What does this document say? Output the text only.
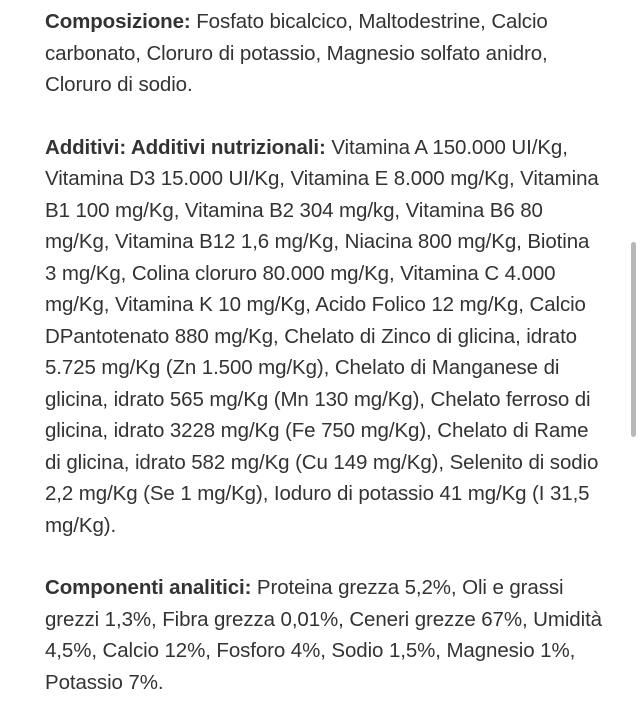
Composizione: Fosfato bicalcico, Maltodestrine, Calcio carbonato, Cloruro di potassio, Magnesio solfato anidro, Cloruro di sodio.

Additivi: Additivi nutrizionali: Vitamina A 150.000 UI/Kg, Vitamina D3 15.000 UI/Kg, Vitamina E 8.000 mg/Kg, Vitamina B1 100 mg/Kg, Vitamina B2 304 mg/kg, Vitamina B6 80 mg/Kg, Vitamina B12 1,6 mg/Kg, Niacina 800 mg/Kg, Biotina 3 mg/Kg, Colina cloruro 80.000 mg/Kg, Vitamina C 4.000 mg/Kg, Vitamina K 10 mg/Kg, Acido Folico 12 mg/Kg, Calcio DPantotenato 880 mg/Kg, Chelato di Zinco di glicina, idrato 5.725 mg/Kg (Zn 1.500 mg/Kg), Chelato di Manganese di glicina, idrato 565 mg/Kg (Mn 130 mg/Kg), Chelato ferroso di glicina, idrato 3228 mg/Kg (Fe 750 mg/Kg), Chelato di Rame di glicina, idrato 582 mg/Kg (Cu 149 mg/Kg), Selenito di sodio 2,2 mg/Kg (Se 1 mg/Kg), Ioduro di potassio 41 mg/Kg (I 31,5 mg/Kg).

Componenti analitici: Proteina grezza 5,2%, Oli e grassi grezzi 1,3%, Fibra grezza 0,01%, Ceneri grezze 67%, Umidità 4,5%, Calcio 12%, Fosforo 4%, Sodio 1,5%, Magnesio 1%, Potassio 7%.
